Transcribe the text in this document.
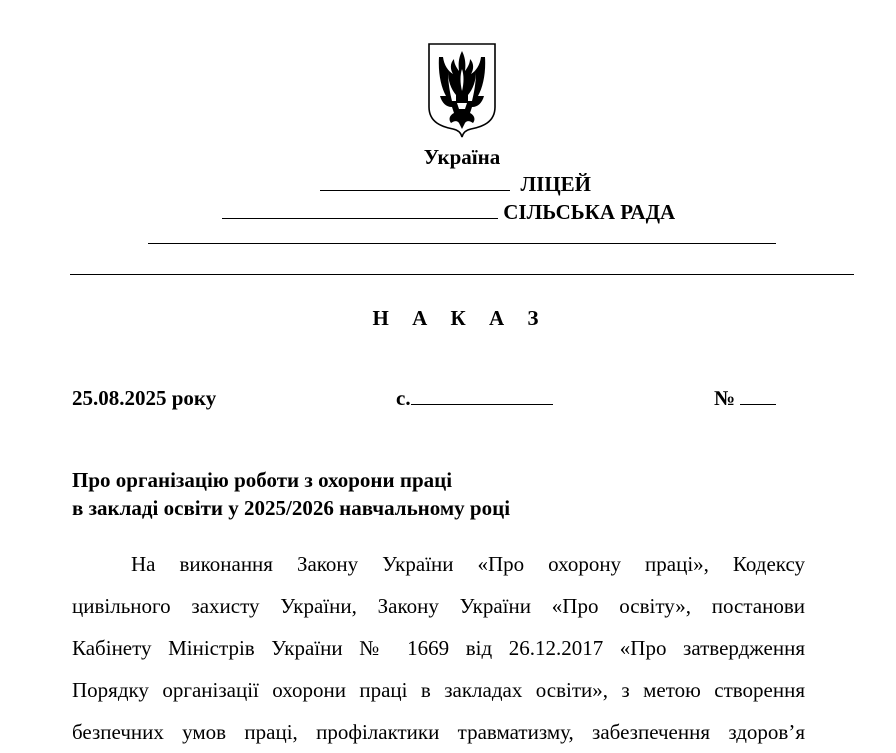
Україна
ЛІЦЕЙ
СІЛЬСЬКА РАДА
Н А К А З
25.08.2025 року	с.	№
Про організацію роботи з охорони праці
в закладі освіти у 2025/2026 навчальному році
На виконання Закону України «Про охорону праці», Кодексу
цивільного захисту України, Закону України «Про освіту», постанови
Кабінету Міністрів України № 1669 від 26.12.2017 «Про затвердження
Порядку організації охорони праці в закладах освіти», з метою створення
безпечних умов праці, профілактики травматизму, забезпечення здоров’я
